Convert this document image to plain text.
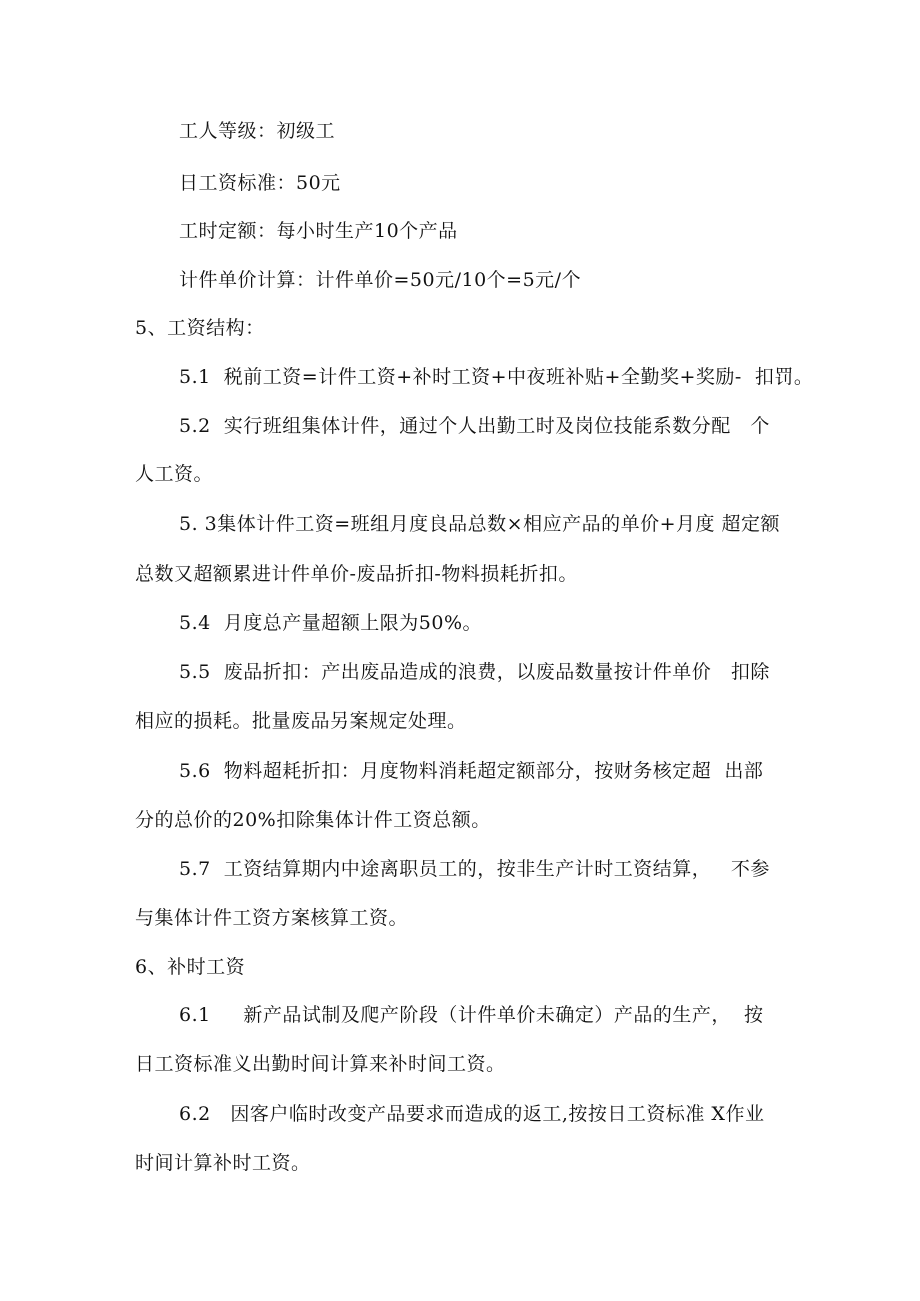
工人等级：初级工
日工资标准：50元
工时定额：每小时生产10个产品
计件单价计算：计件单价=50元/10个=5元/个
5、工资结构：
5.1  税前工资=计件工资+补时工资+中夜班补贴+全勤奖+奖励-  扣罚。
5.2  实行班组集体计件，通过个人出勤工时及岗位技能系数分配   个
人工资。
5. 3集体计件工资=班组月度良品总数×相应产品的单价+月度 超定额
总数又超额累进计件单价-废品折扣-物料损耗折扣。
5.4  月度总产量超额上限为50%。
5.5  废品折扣：产出废品造成的浪费，以废品数量按计件单价   扣除
相应的损耗。批量废品另案规定处理。
5.6  物料超耗折扣：月度物料消耗超定额部分，按财务核定超  出部
分的总价的20%扣除集体计件工资总额。
5.7  工资结算期内中途离职员工的，按非生产计时工资结算，   不参
与集体计件工资方案核算工资。
6、补时工资
6.1     新产品试制及爬产阶段（计件单价未确定）产品的生产，  按
日工资标准义出勤时间计算来补时间工资。
6.2   因客户临时改变产品要求而造成的返工,按按日工资标准 X作业
时间计算补时工资。
